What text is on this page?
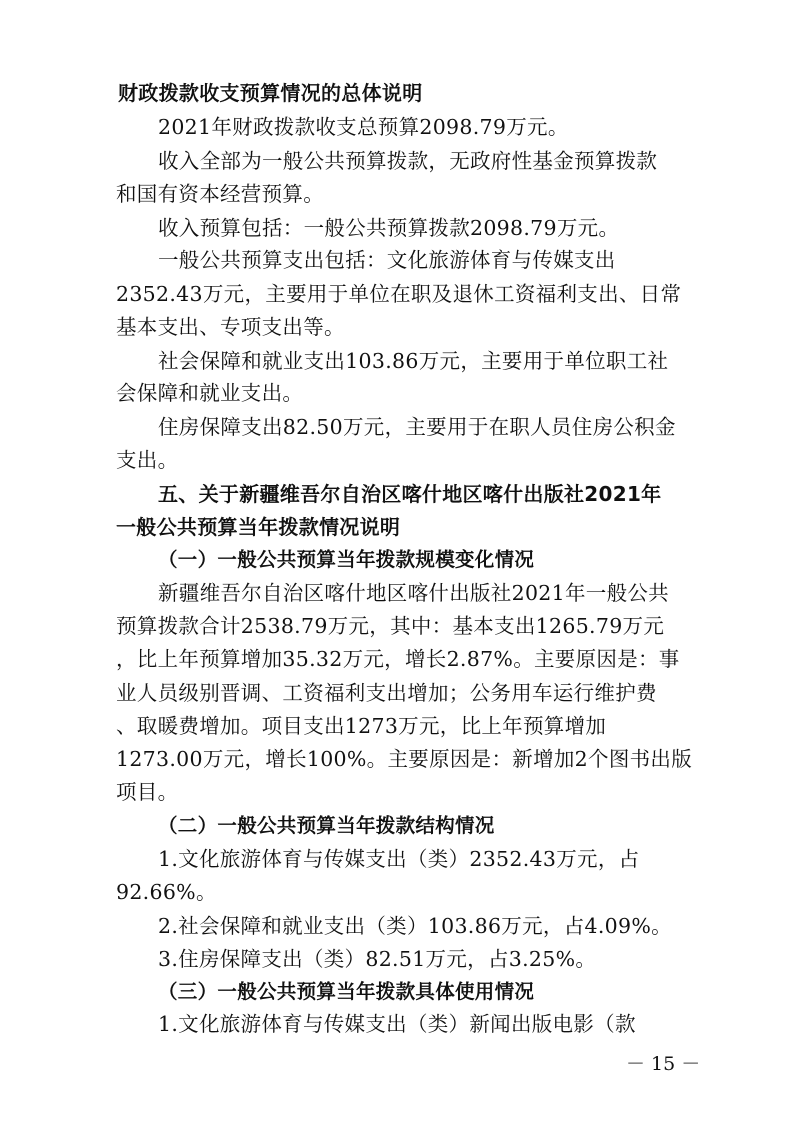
财政拨款收支预算情况的总体说明
2021年财政拨款收支总预算2098.79万元。
收入全部为一般公共预算拨款，无政府性基金预算拨款
和国有资本经营预算。
收入预算包括：一般公共预算拨款2098.79万元。
一般公共预算支出包括：文化旅游体育与传媒支出
2352.43万元，主要用于单位在职及退休工资福利支出、日常
基本支出、专项支出等。
社会保障和就业支出103.86万元，主要用于单位职工社
会保障和就业支出。
住房保障支出82.50万元，主要用于在职人员住房公积金
支出。
五、关于新疆维吾尔自治区喀什地区喀什出版社2021年
一般公共预算当年拨款情况说明
（一）一般公共预算当年拨款规模变化情况
新疆维吾尔自治区喀什地区喀什出版社2021年一般公共
预算拨款合计2538.79万元，其中：基本支出1265.79万元
，比上年预算增加35.32万元，增长2.87%。主要原因是：事
业人员级别晋调、工资福利支出增加；公务用车运行维护费
、取暖费增加。项目支出1273万元，比上年预算增加
1273.00万元，增长100%。主要原因是：新增加2个图书出版
项目。
（二）一般公共预算当年拨款结构情况
1.文化旅游体育与传媒支出（类）2352.43万元，占
92.66%。
2.社会保障和就业支出（类）103.86万元，占4.09%。
3.住房保障支出（类）82.51万元，占3.25%。
（三）一般公共预算当年拨款具体使用情况
1.文化旅游体育与传媒支出（类）新闻出版电影（款
－ 15 －
